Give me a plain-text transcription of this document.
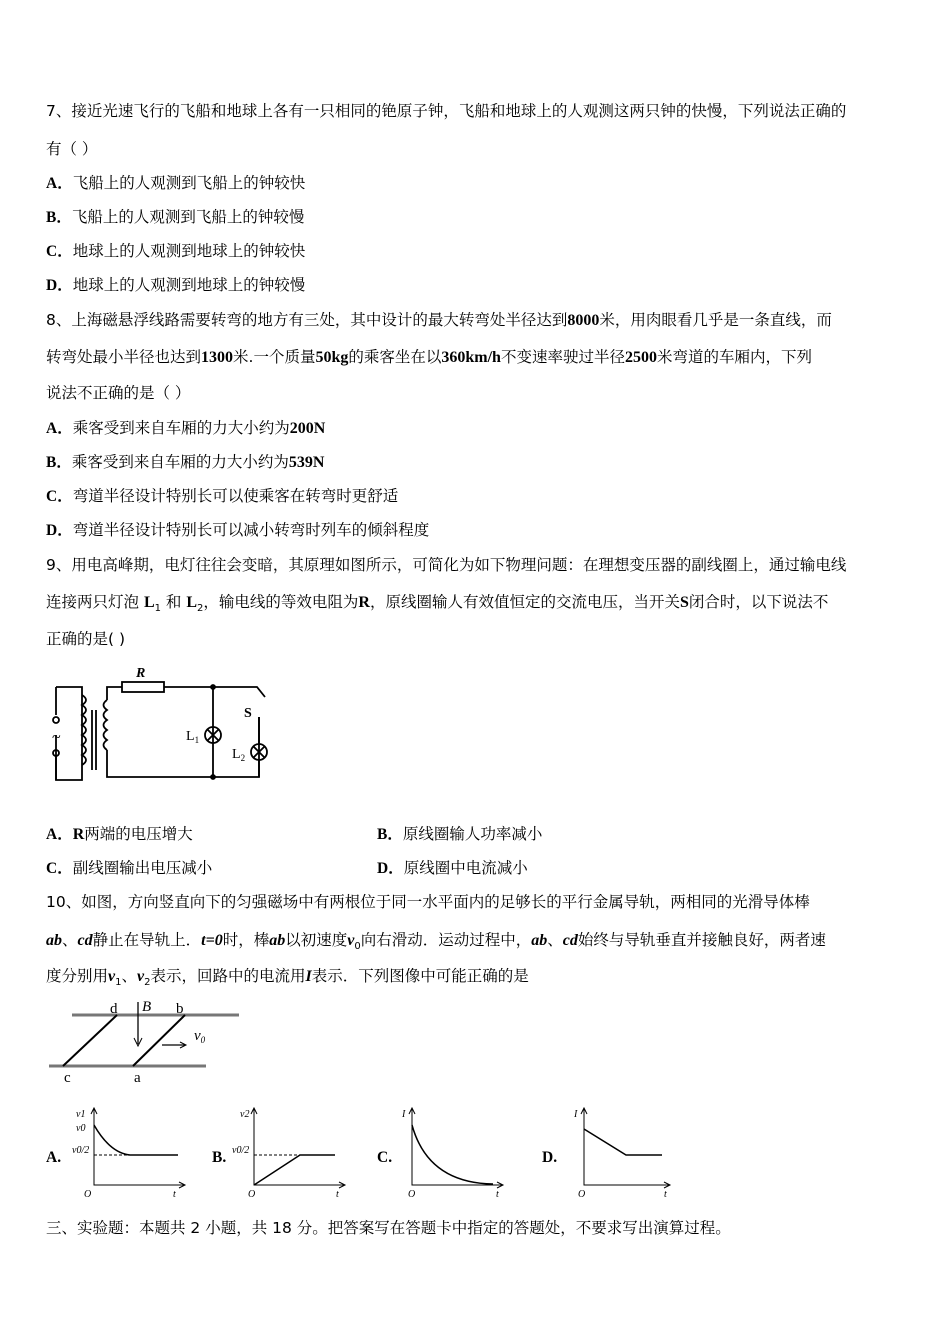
7、接近光速飞行的飞船和地球上各有一只相同的铯原子钟，飞船和地球上的人观测这两只钟的快慢，下列说法正确的
有（ ）
A．飞船上的人观测到飞船上的钟较快
B．飞船上的人观测到飞船上的钟较慢
C．地球上的人观测到地球上的钟较快
D．地球上的人观测到地球上的钟较慢
8、上海磁悬浮线路需要转弯的地方有三处，其中设计的最大转弯处半径达到8000米，用肉眼看几乎是一条直线，而
转弯处最小半径也达到1300米.一个质量50kg的乘客坐在以360km/h不变速率驶过半径2500米弯道的车厢内，下列
说法不正确的是（ ）
A．乘客受到来自车厢的力大小约为200N
B．乘客受到来自车厢的力大小约为539N
C．弯道半径设计特别长可以使乘客在转弯时更舒适
D．弯道半径设计特别长可以减小转弯时列车的倾斜程度
9、用电高峰期，电灯往往会变暗，其原理如图所示，可简化为如下物理问题：在理想变压器的副线圈上，通过输电线
连接两只灯泡 $L_1$ 和 $L_2$，输电线的等效电阻为R，原线圈输人有效值恒定的交流电压，当开关S闭合时，以下说法不
正确的是( )
~
R
S
$L_1$
$L_2$
A．R两端的电压增大	B．原线圈输人功率减小
C．副线圈输出电压减小	D．原线圈中电流减小
10、如图，方向竖直向下的匀强磁场中有两根位于同一水平面内的足够长的平行金属导轨，两相同的光滑导体棒
ab、cd静止在导轨上．t=0时，棒ab以初速度$v_0$向右滑动．运动过程中，ab、cd始终与导轨垂直并接触良好，两者速
度分别用$v_1$、$v_2$表示，回路中的电流用I表示．下列图像中可能正确的是
d B b
c	a
$v_0$
A.
v1
v0
v0/2
O	t
B.
v2
v0/2
O	t
C.
I
O	t
D.
I
O	t
三、实验题：本题共 2 小题，共 18 分。把答案写在答题卡中指定的答题处，不要求写出演算过程。
